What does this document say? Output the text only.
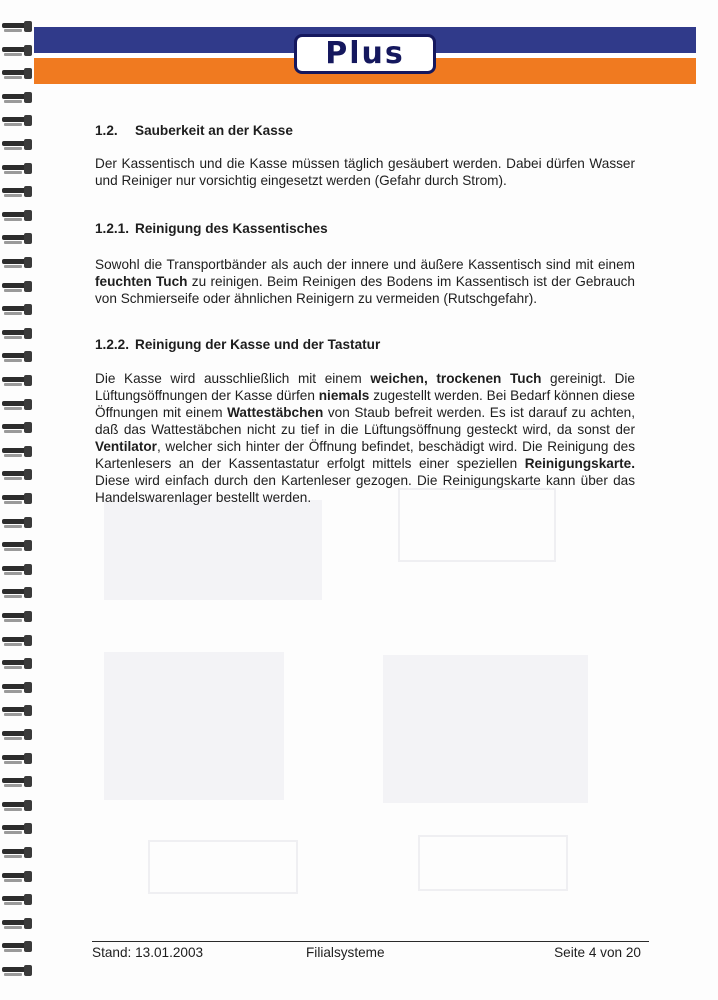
Plus
1.2. Sauberkeit an der Kasse

Der Kassentisch und die Kasse müssen täglich gesäubert werden. Dabei dürfen Wasser und Reiniger nur vorsichtig eingesetzt werden (Gefahr durch Strom).

1.2.1. Reinigung des Kassentisches

Sowohl die Transportbänder als auch der innere und äußere Kassentisch sind mit einem feuchten Tuch zu reinigen. Beim Reinigen des Bodens im Kassentisch ist der Gebrauch von Schmierseife oder ähnlichen Reinigern zu vermeiden (Rutschgefahr).

1.2.2. Reinigung der Kasse und der Tastatur

Die Kasse wird ausschließlich mit einem weichen, trockenen Tuch gereinigt. Die Lüftungsöffnungen der Kasse dürfen niemals zugestellt werden. Bei Bedarf können diese Öffnungen mit einem Wattestäbchen von Staub befreit werden. Es ist darauf zu achten, daß das Wattestäbchen nicht zu tief in die Lüftungsöffnung gesteckt wird, da sonst der Ventilator, welcher sich hinter der Öffnung befindet, beschädigt wird. Die Reinigung des Kartenlesers an der Kassentastatur erfolgt mittels einer speziellen Reinigungskarte. Diese wird einfach durch den Kartenleser gezogen. Die Reinigungskarte kann über das Handelswarenlager bestellt werden.

Stand: 13.01.2003	Filialsysteme	Seite 4 von 20
